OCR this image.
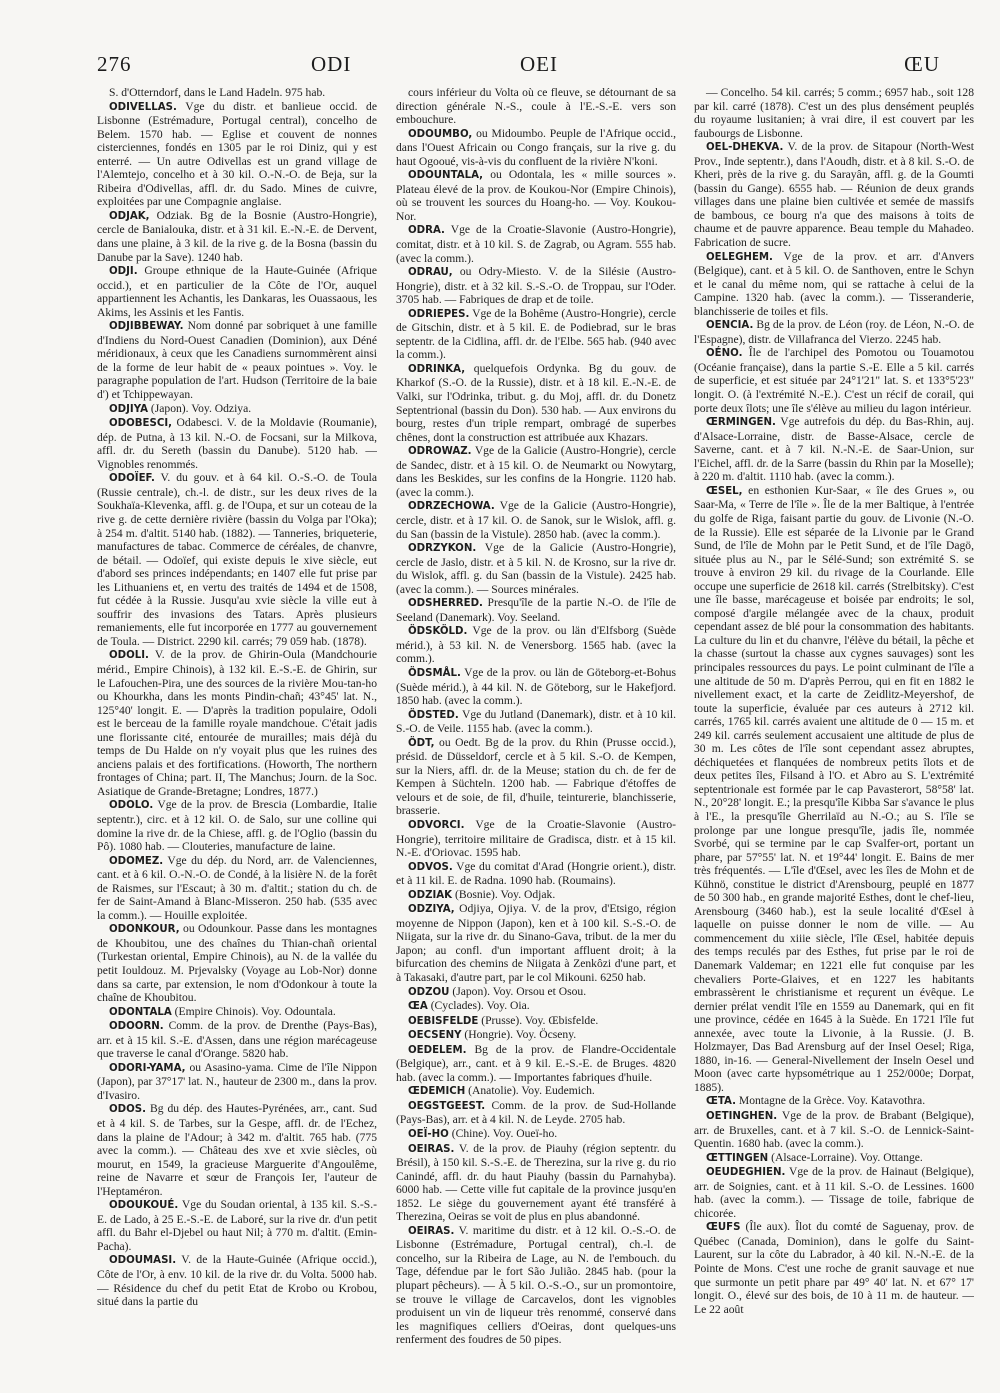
276	ODI	OEI	ŒU

S. d'Otterndorf, dans le Land Hadeln. 975 hab.

ODIVELLAS. Vge du distr. et banlieue occid. de Lisbonne (Estrémadure, Portugal central), concelho de Belem. 1570 hab. — Eglise et couvent de nonnes cisterciennes, fondés en 1305 par le roi Diniz, qui y est enterré. — Un autre Odivellas est un grand village de l'Alemtejo, concelho et à 30 kil. O.-N.-O. de Beja, sur la Ribeira d'Odivellas, affl. dr. du Sado. Mines de cuivre, exploitées par une Compagnie anglaise.

ODJAK, Odziak. Bg de la Bosnie (Austro-Hongrie), cercle de Banialouka, distr. et à 31 kil. E.-N.-E. de Dervent, dans une plaine, à 3 kil. de la rive g. de la Bosna (bassin du Danube par la Save). 1240 hab.

ODJI. Groupe ethnique de la Haute-Guinée (Afrique occid.), et en particulier de la Côte de l'Or, auquel appartiennent les Achantis, les Dankaras, les Ouassaous, les Akims, les Assinis et les Fantis.

ODJIBBEWAY. Nom donné par sobriquet à une famille d'Indiens du Nord-Ouest Canadien (Dominion), aux Déné méridionaux, à ceux que les Canadiens surnommèrent ainsi de la forme de leur habit de « peaux pointues ». Voy. le paragraphe population de l'art. Hudson (Territoire de la baie d') et Tchippewayan.

ODJIYA (Japon). Voy. Odziya.

ODOBESCI, Odabesci. V. de la Moldavie (Roumanie), dép. de Putna, à 13 kil. N.-O. de Focsani, sur la Milkova, affl. dr. du Sereth (bassin du Danube). 5120 hab. — Vignobles renommés.

ODOÏEF. V. du gouv. et à 64 kil. O.-S.-O. de Toula (Russie centrale), ch.-l. de distr., sur les deux rives de la Soukhaïa-Klevenka, affl. g. de l'Oupa, et sur un coteau de la rive g. de cette dernière rivière (bassin du Volga par l'Oka); à 254 m. d'altit. 5140 hab. (1882). — Tanneries, briqueterie, manufactures de tabac. Commerce de céréales, de chanvre, de bétail. — Odoïef, qui existe depuis le xive siècle, eut d'abord ses princes indépendants; en 1407 elle fut prise par les Lithuaniens et, en vertu des traités de 1494 et de 1508, fut cédée à la Russie. Jusqu'au xvie siècle la ville eut à souffrir des invasions des Tatars. Après plusieurs remaniements, elle fut incorporée en 1777 au gouvernement de Toula. — District. 2290 kil. carrés; 79 059 hab. (1878).

ODOLI. V. de la prov. de Ghirin-Oula (Mandchourie mérid., Empire Chinois), à 132 kil. E.-S.-E. de Ghirin, sur le Lafouchen-Pira, une des sources de la rivière Mou-tan-ho ou Khourkha, dans les monts Pindin-chañ; 43°45' lat. N., 125°40' longit. E. — D'après la tradition populaire, Odoli est le berceau de la famille royale mandchoue. C'était jadis une florissante cité, entourée de murailles; mais déjà du temps de Du Halde on n'y voyait plus que les ruines des anciens palais et des fortifications. (Howorth, The northern frontages of China; part. II, The Manchus; Journ. de la Soc. Asiatique de Grande-Bretagne; Londres, 1877.)

ODOLO. Vge de la prov. de Brescia (Lombardie, Italie septentr.), circ. et à 12 kil. O. de Salo, sur une colline qui domine la rive dr. de la Chiese, affl. g. de l'Oglio (bassin du Pô). 1080 hab. — Clouteries, manufacture de laine.

ODOMEZ. Vge du dép. du Nord, arr. de Valenciennes, cant. et à 6 kil. O.-N.-O. de Condé, à la lisière N. de la forêt de Raismes, sur l'Escaut; à 30 m. d'altit.; station du ch. de fer de Saint-Amand à Blanc-Misseron. 250 hab. (535 avec la comm.). — Houille exploitée.

ODONKOUR, ou Odounkour. Passe dans les montagnes de Khoubitou, une des chaînes du Thian-chañ oriental (Turkestan oriental, Empire Chinois), au N. de la vallée du petit Iouldouz. M. Prjevalsky (Voyage au Lob-Nor) donne dans sa carte, par extension, le nom d'Odonkour à toute la chaîne de Khoubitou.

ODONTALA (Empire Chinois). Voy. Odountala.

ODOORN. Comm. de la prov. de Drenthe (Pays-Bas), arr. et à 15 kil. S.-E. d'Assen, dans une région marécageuse que traverse le canal d'Orange. 5820 hab.

ODORI-YAMA, ou Asasino-yama. Cime de l'île Nippon (Japon), par 37°17' lat. N., hauteur de 2300 m., dans la prov. d'Ivasiro.

ODOS. Bg du dép. des Hautes-Pyrénées, arr., cant. Sud et à 4 kil. S. de Tarbes, sur la Gespe, affl. dr. de l'Echez, dans la plaine de l'Adour; à 342 m. d'altit. 765 hab. (775 avec la comm.). — Château des xve et xvie siècles, où mourut, en 1549, la gracieuse Marguerite d'Angoulême, reine de Navarre et sœur de François Ier, l'auteur de l'Heptaméron.

ODOUKOUÉ. Vge du Soudan oriental, à 135 kil. S.-S.-E. de Lado, à 25 E.-S.-E. de Laboré, sur la rive dr. d'un petit affl. du Bahr el-Djebel ou haut Nil; à 770 m. d'altit. (Emin-Pacha).

ODOUMASI. V. de la Haute-Guinée (Afrique occid.), Côte de l'Or, à env. 10 kil. de la rive dr. du Volta. 5000 hab. — Résidence du chef du petit Etat de Krobo ou Krobou, situé dans la partie du

cours inférieur du Volta où ce fleuve, se détournant de sa direction générale N.-S., coule à l'E.-S.-E. vers son embouchure.

ODOUMBO, ou Midoumbo. Peuple de l'Afrique occid., dans l'Ouest Africain ou Congo français, sur la rive g. du haut Ogooué, vis-à-vis du confluent de la rivière N'koni.

ODOUNTALA, ou Odontala, les « mille sources ». Plateau élevé de la prov. de Koukou-Nor (Empire Chinois), où se trouvent les sources du Hoang-ho. — Voy. Koukou-Nor.

ODRA. Vge de la Croatie-Slavonie (Austro-Hongrie), comitat, distr. et à 10 kil. S. de Zagrab, ou Agram. 555 hab. (avec la comm.).

ODRAU, ou Odry-Miesto. V. de la Silésie (Austro-Hongrie), distr. et à 32 kil. S.-S.-O. de Troppau, sur l'Oder. 3705 hab. — Fabriques de drap et de toile.

ODRIEPES. Vge de la Bohême (Austro-Hongrie), cercle de Gitschin, distr. et à 5 kil. E. de Podiebrad, sur le bras septentr. de la Cidlina, affl. dr. de l'Elbe. 565 hab. (940 avec la comm.).

ODRINKA, quelquefois Ordynka. Bg du gouv. de Kharkof (S.-O. de la Russie), distr. et à 18 kil. E.-N.-E. de Valki, sur l'Odrinka, tribut. g. du Moj, affl. dr. du Donetz Septentrional (bassin du Don). 530 hab. — Aux environs du bourg, restes d'un triple rempart, ombragé de superbes chênes, dont la construction est attribuée aux Khazars.

ODROWAZ. Vge de la Galicie (Austro-Hongrie), cercle de Sandec, distr. et à 15 kil. O. de Neumarkt ou Nowytarg, dans les Beskides, sur les confins de la Hongrie. 1120 hab. (avec la comm.).

ODRZECHOWA. Vge de la Galicie (Austro-Hongrie), cercle, distr. et à 17 kil. O. de Sanok, sur le Wislok, affl. g. du San (bassin de la Vistule). 2850 hab. (avec la comm.).

ODRZYKON. Vge de la Galicie (Austro-Hongrie), cercle de Jaslo, distr. et à 5 kil. N. de Krosno, sur la rive dr. du Wislok, affl. g. du San (bassin de la Vistule). 2425 hab. (avec la comm.). — Sources minérales.

ODSHERRED. Presqu'île de la partie N.-O. de l'île de Seeland (Danemark). Voy. Seeland.

ÖDSKÖLD. Vge de la prov. ou län d'Elfsborg (Suède mérid.), à 53 kil. N. de Venersborg. 1565 hab. (avec la comm.).

ÖDSMÅL. Vge de la prov. ou län de Göteborg-et-Bohus (Suède mérid.), à 44 kil. N. de Göteborg, sur le Hakefjord. 1850 hab. (avec la comm.).

ÖDSTED. Vge du Jutland (Danemark), distr. et à 10 kil. S.-O. de Veile. 1155 hab. (avec la comm.).

ÖDT, ou Oedt. Bg de la prov. du Rhin (Prusse occid.), présid. de Düsseldorf, cercle et à 5 kil. S.-O. de Kempen, sur la Niers, affl. dr. de la Meuse; station du ch. de fer de Kempen à Süchteln. 1200 hab. — Fabrique d'étoffes de velours et de soie, de fil, d'huile, teinturerie, blanchisserie, brasserie.

ODVORCI. Vge de la Croatie-Slavonie (Austro-Hongrie), territoire militaire de Gradisca, distr. et à 15 kil. N.-E. d'Oriovac. 1595 hab.

ODVOS. Vge du comitat d'Arad (Hongrie orient.), distr. et à 11 kil. E. de Radna. 1090 hab. (Roumains).

ODZIAK (Bosnie). Voy. Odjak.

ODZIYA, Odjiya, Ojiya. V. de la prov, d'Etsigo, région moyenne de Nippon (Japon), ken et à 100 kil. S.-S.-O. de Niigata, sur la rive dr. du Sinano-Gava, tribut. de la mer du Japon; au confl. d'un important affluent droit; à la bifurcation des chemins de Niigata à Zenkôzi d'une part, et à Takasaki, d'autre part, par le col Mikouni. 6250 hab.

ODZOU (Japon). Voy. Orsou et Osou.

ŒA (Cyclades). Voy. Oia.

OEBISFELDE (Prusse). Voy. Œbisfelde.

OECSENY (Hongrie). Voy. Öcseny.

OEDELEM. Bg de la prov. de Flandre-Occidentale (Belgique), arr., cant. et à 9 kil. E.-S.-E. de Bruges. 4820 hab. (avec la comm.). — Importantes fabriques d'huile.

ŒDEMICH (Anatolie). Voy. Eudemich.

OEGSTGEEST. Comm. de la prov. de Sud-Hollande (Pays-Bas), arr. et à 4 kil. N. de Leyde. 2705 hab.

OEÏ-HO (Chine). Voy. Oueï-ho.

OEIRAS. V. de la prov. de Piauhy (région septentr. du Brésil), à 150 kil. S.-S.-E. de Therezina, sur la rive g. du rio Canindé, affl. dr. du haut Piauhy (bassin du Parnahyba). 6000 hab. — Cette ville fut capitale de la province jusqu'en 1852. Le siège du gouvernement ayant été transféré à Therezina, Oeiras se voit de plus en plus abandonné.

OEIRAS. V. maritime du distr. et à 12 kil. O.-S.-O. de Lisbonne (Estrémadure, Portugal central), ch.-l. de concelho, sur la Ribeira de Lage, au N. de l'embouch. du Tage, défendue par le fort São Julião. 2845 hab. (pour la plupart pêcheurs). — À 5 kil. O.-S.-O., sur un promontoire, se trouve le village de Carcavelos, dont les vignobles produisent un vin de liqueur très renommé, conservé dans les magnifiques celliers d'Oeiras, dont quelques-uns renferment des foudres de 50 pipes.

— Concelho. 54 kil. carrés; 5 comm.; 6957 hab., soit 128 par kil. carré (1878). C'est un des plus densément peuplés du royaume lusitanien; à vrai dire, il est couvert par les faubourgs de Lisbonne.

OEL-DHEKVA. V. de la prov. de Sitapour (North-West Prov., Inde septentr.), dans l'Aoudh, distr. et à 8 kil. S.-O. de Kheri, près de la rive g. du Sarayân, affl. g. de la Goumti (bassin du Gange). 6555 hab. — Réunion de deux grands villages dans une plaine bien cultivée et semée de massifs de bambous, ce bourg n'a que des maisons à toits de chaume et de pauvre apparence. Beau temple du Mahadeo. Fabrication de sucre.

OELEGHEM. Vge de la prov. et arr. d'Anvers (Belgique), cant. et à 5 kil. O. de Santhoven, entre le Schyn et le canal du même nom, qui se rattache à celui de la Campine. 1320 hab. (avec la comm.). — Tisseranderie, blanchisserie de toiles et fils.

OENCIA. Bg de la prov. de Léon (roy. de Léon, N.-O. de l'Espagne), distr. de Villafranca del Vierzo. 2245 hab.

OÉNO. Île de l'archipel des Pomotou ou Touamotou (Océanie française), dans la partie S.-E. Elle a 5 kil. carrés de superficie, et est située par 24°1'21" lat. S. et 133°5'23" longit. O. (à l'extrémité N.-E.). C'est un récif de corail, qui porte deux îlots; une île s'élève au milieu du lagon intérieur.

ŒRMINGEN. Vge autrefois du dép. du Bas-Rhin, auj. d'Alsace-Lorraine, distr. de Basse-Alsace, cercle de Saverne, cant. et à 7 kil. N.-N.-E. de Saar-Union, sur l'Eichel, affl. dr. de la Sarre (bassin du Rhin par la Moselle); à 220 m. d'altit. 1110 hab. (avec la comm.).

ŒSEL, en esthonien Kur-Saar, « île des Grues », ou Saar-Ma, « Terre de l'île ». Île de la mer Baltique, à l'entrée du golfe de Riga, faisant partie du gouv. de Livonie (N.-O. de la Russie). Elle est séparée de la Livonie par le Grand Sund, de l'île de Mohn par le Petit Sund, et de l'île Dagö, située plus au N., par le Sélé-Sund; son extrémité S. se trouve à environ 29 kil. du rivage de la Courlande. Elle occupe une superficie de 2618 kil. carrés (Strelbitsky). C'est une île basse, marécageuse et boisée par endroits; le sol, composé d'argile mélangée avec de la chaux, produit cependant assez de blé pour la consommation des habitants. La culture du lin et du chanvre, l'élève du bétail, la pêche et la chasse (surtout la chasse aux cygnes sauvages) sont les principales ressources du pays. Le point culminant de l'île a une altitude de 50 m. D'après Perrou, qui en fit en 1882 le nivellement exact, et la carte de Zeidlitz-Meyershof, de toute la superficie, évaluée par ces auteurs à 2712 kil. carrés, 1765 kil. carrés avaient une altitude de 0 — 15 m. et 249 kil. carrés seulement accusaient une altitude de plus de 30 m. Les côtes de l'île sont cependant assez abruptes, déchiquetées et flanquées de nombreux petits îlots et de deux petites îles, Filsand à l'O. et Abro au S. L'extrémité septentrionale est formée par le cap Pavasterort, 58°58' lat. N., 20°28' longit. E.; la presqu'île Kibba Sar s'avance le plus à l'E., la presqu'île Gherrilaïd au N.-O.; au S. l'île se prolonge par une longue presqu'île, jadis île, nommée Svorbé, qui se termine par le cap Svalfer-ort, portant un phare, par 57°55' lat. N. et 19°44' longit. E. Bains de mer très fréquentés. — L'île d'Œsel, avec les îles de Mohn et de Kühnö, constitue le district d'Arensbourg, peuplé en 1877 de 50 300 hab., en grande majorité Esthes, dont le chef-lieu, Arensbourg (3460 hab.), est la seule localité d'Œsel à laquelle on puisse donner le nom de ville. — Au commencement du xiiie siècle, l'île Œsel, habitée depuis des temps reculés par des Esthes, fut prise par le roi de Danemark Valdemar; en 1221 elle fut conquise par les chevaliers Porte-Glaives, et en 1227 les habitants embrassèrent le christianisme et reçurent un évêque. Le dernier prélat vendit l'île en 1559 au Danemark, qui en fit une province, cédée en 1645 à la Suède. En 1721 l'île fut annexée, avec toute la Livonie, à la Russie. (J. B. Holzmayer, Das Bad Arensburg auf der Insel Oesel; Riga, 1880, in-16. — General-Nivellement der Inseln Oesel und Moon (avec carte hypsométrique au 1 252/000e; Dorpat, 1885).

ŒTA. Montagne de la Grèce. Voy. Katavothra.

OETINGHEN. Vge de la prov. de Brabant (Belgique), arr. de Bruxelles, cant. et à 7 kil. S.-O. de Lennick-Saint-Quentin. 1680 hab. (avec la comm.).

ŒTTINGEN (Alsace-Lorraine). Voy. Ottange.

OEUDEGHIEN. Vge de la prov. de Hainaut (Belgique), arr. de Soignies, cant. et à 11 kil. S.-O. de Lessines. 1600 hab. (avec la comm.). — Tissage de toile, fabrique de chicorée.

ŒUFS (Île aux). Îlot du comté de Saguenay, prov. de Québec (Canada, Dominion), dans le golfe du Saint-Laurent, sur la côte du Labrador, à 40 kil. N.-N.-E. de la Pointe de Mons. C'est une roche de granit sauvage et nue que surmonte un petit phare par 49° 40' lat. N. et 67° 17' longit. O., élevé sur des bois, de 10 à 11 m. de hauteur. — Le 22 août
